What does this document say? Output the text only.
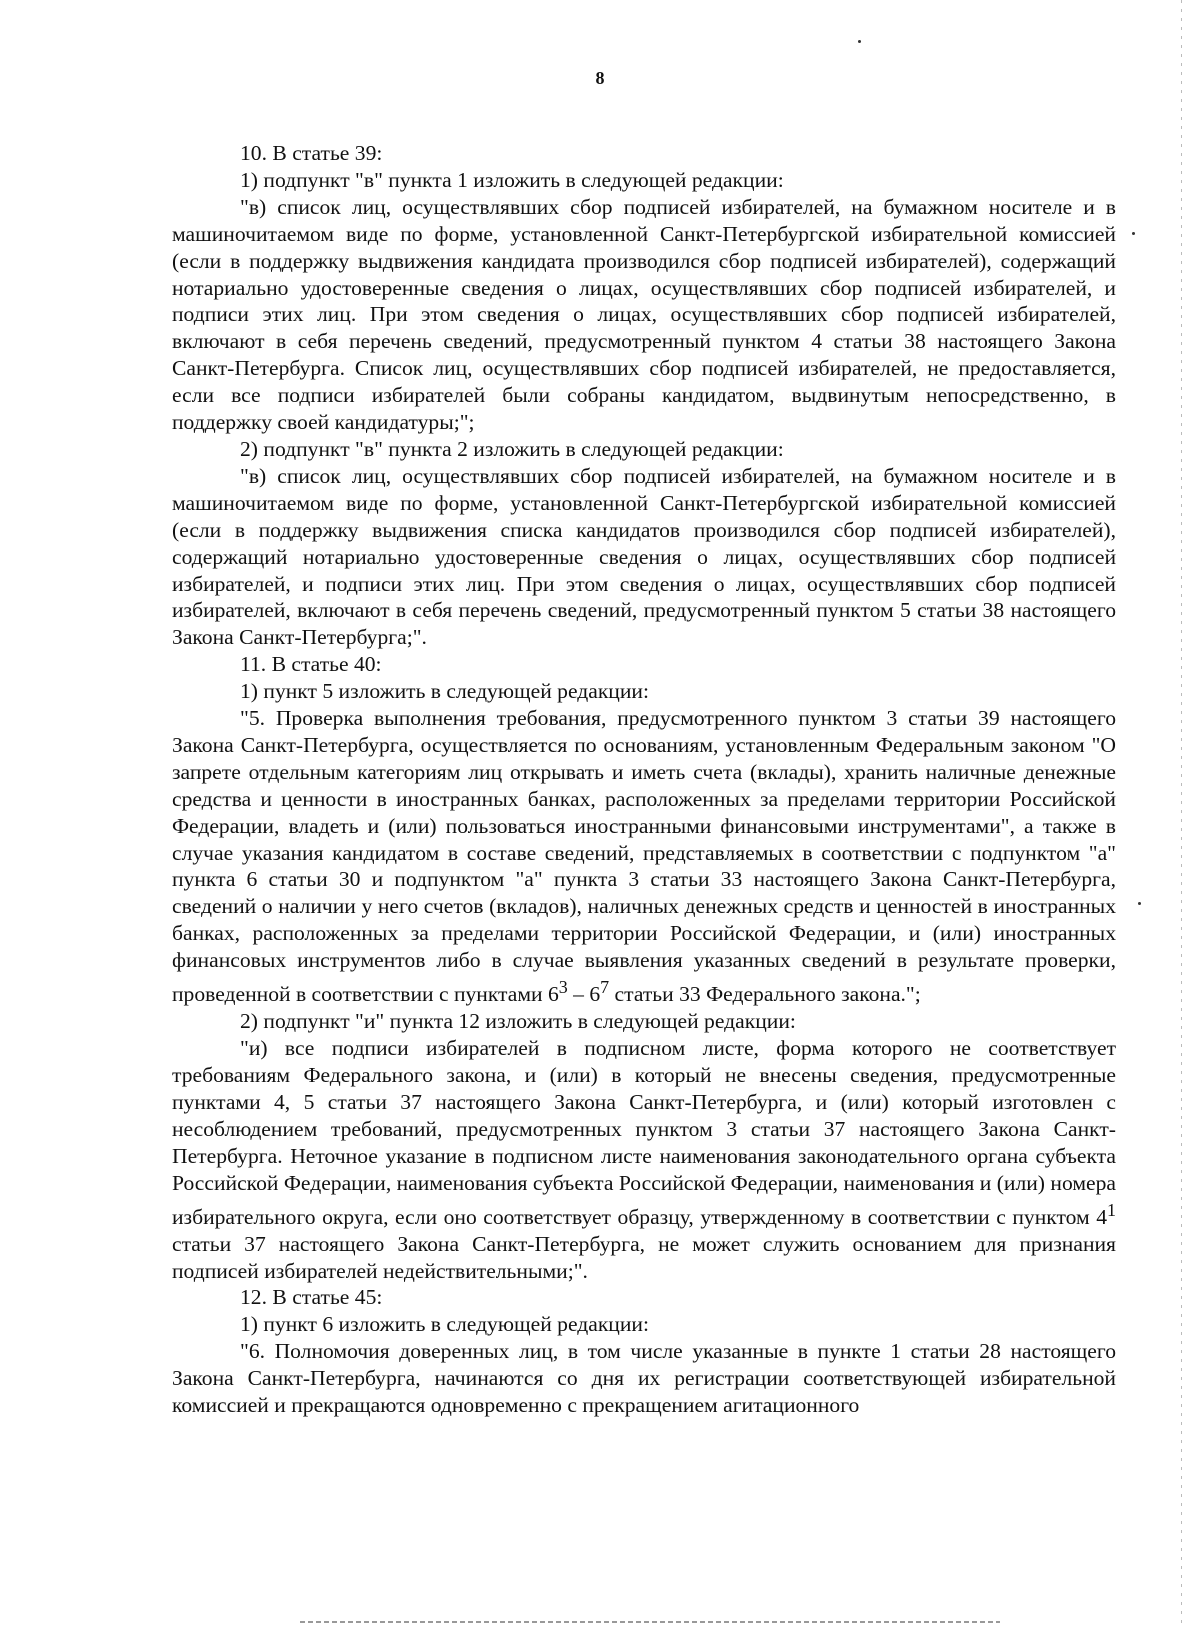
8

10. В статье 39:

1) подпункт "в" пункта 1 изложить в следующей редакции:

"в) список лиц, осуществлявших сбор подписей избирателей, на бумажном носителе и в машиночитаемом виде по форме, установленной Санкт-Петербургской избирательной комиссией (если в поддержку выдвижения кандидата производился сбор подписей избирателей), содержащий нотариально удостоверенные сведения о лицах, осуществлявших сбор подписей избирателей, и подписи этих лиц. При этом сведения о лицах, осуществлявших сбор подписей избирателей, включают в себя перечень сведений, предусмотренный пунктом 4 статьи 38 настоящего Закона Санкт-Петербурга. Список лиц, осуществлявших сбор подписей избирателей, не предоставляется, если все подписи избирателей были собраны кандидатом, выдвинутым непосредственно, в поддержку своей кандидатуры;";

2) подпункт "в" пункта 2 изложить в следующей редакции:

"в) список лиц, осуществлявших сбор подписей избирателей, на бумажном носителе и в машиночитаемом виде по форме, установленной Санкт-Петербургской избирательной комиссией (если в поддержку выдвижения списка кандидатов производился сбор подписей избирателей), содержащий нотариально удостоверенные сведения о лицах, осуществлявших сбор подписей избирателей, и подписи этих лиц. При этом сведения о лицах, осуществлявших сбор подписей избирателей, включают в себя перечень сведений, предусмотренный пунктом 5 статьи 38 настоящего Закона Санкт-Петербурга;".

11. В статье 40:

1) пункт 5 изложить в следующей редакции:

"5. Проверка выполнения требования, предусмотренного пунктом 3 статьи 39 настоящего Закона Санкт-Петербурга, осуществляется по основаниям, установленным Федеральным законом "О запрете отдельным категориям лиц открывать и иметь счета (вклады), хранить наличные денежные средства и ценности в иностранных банках, расположенных за пределами территории Российской Федерации, владеть и (или) пользоваться иностранными финансовыми инструментами", а также в случае указания кандидатом в составе сведений, представляемых в соответствии с подпунктом "а" пункта 6 статьи 30 и подпунктом "а" пункта 3 статьи 33 настоящего Закона Санкт-Петербурга, сведений о наличии у него счетов (вкладов), наличных денежных средств и ценностей в иностранных банках, расположенных за пределами территории Российской Федерации, и (или) иностранных финансовых инструментов либо в случае выявления указанных сведений в результате проверки, проведенной в соответствии с пунктами $6^3 - 6^7$ статьи 33 Федерального закона.";

2) подпункт "и" пункта 12 изложить в следующей редакции:

"и) все подписи избирателей в подписном листе, форма которого не соответствует требованиям Федерального закона, и (или) в который не внесены сведения, предусмотренные пунктами 4, 5 статьи 37 настоящего Закона Санкт-Петербурга, и (или) который изготовлен с несоблюдением требований, предусмотренных пунктом 3 статьи 37 настоящего Закона Санкт-Петербурга. Неточное указание в подписном листе наименования законодательного органа субъекта Российской Федерации, наименования субъекта Российской Федерации, наименования и (или) номера избирательного округа, если оно соответствует образцу, утвержденному в соответствии с пунктом $4^1$ статьи 37 настоящего Закона Санкт-Петербурга, не может служить основанием для признания подписей избирателей недействительными;".

12. В статье 45:

1) пункт 6 изложить в следующей редакции:

"6. Полномочия доверенных лиц, в том числе указанные в пункте 1 статьи 28 настоящего Закона Санкт-Петербурга, начинаются со дня их регистрации соответствующей избирательной комиссией и прекращаются одновременно с прекращением агитационного
